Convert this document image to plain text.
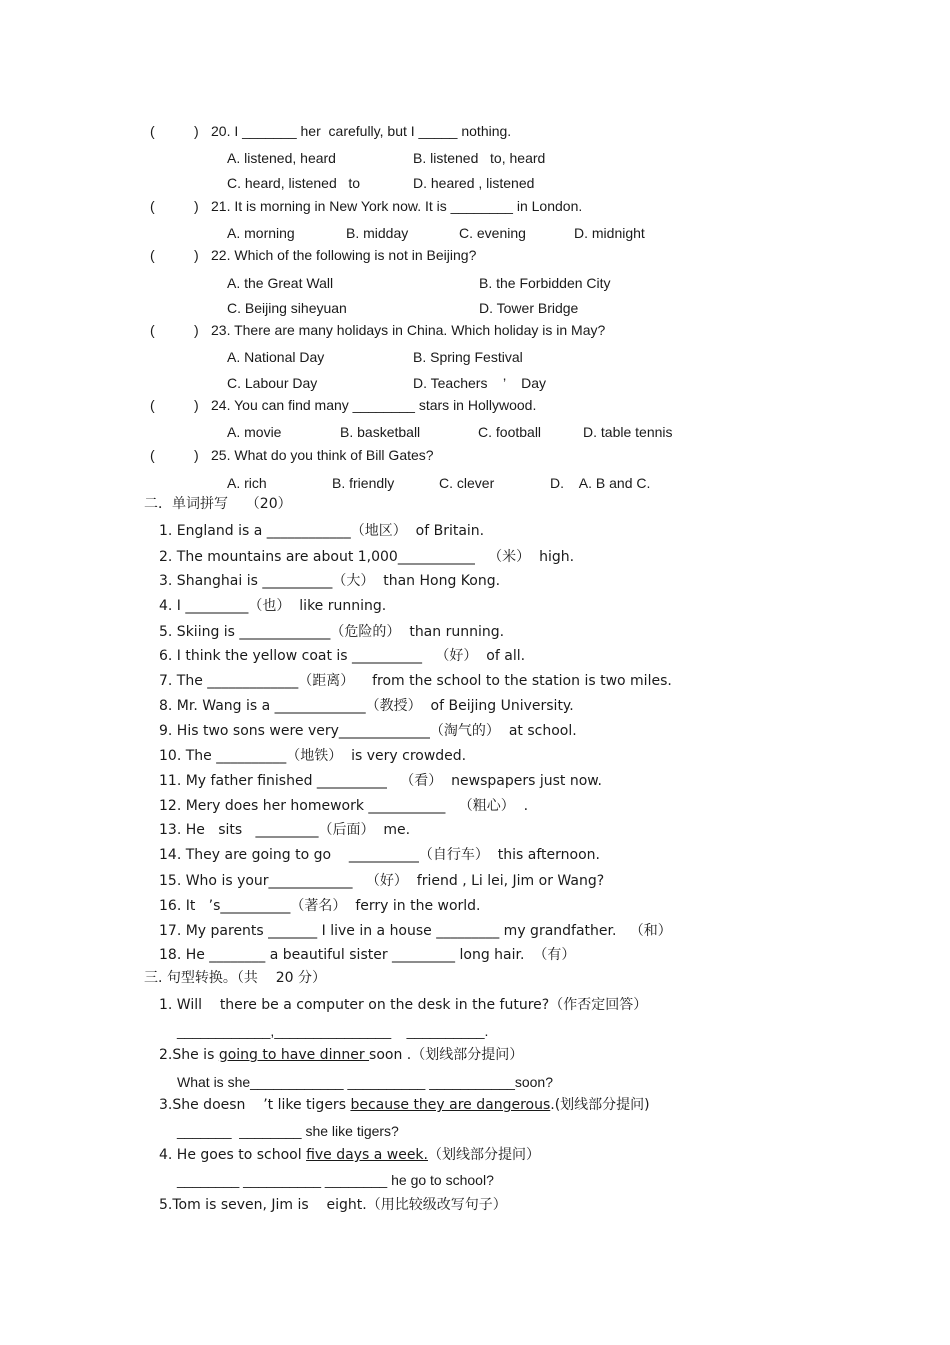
(	) 20. I _______ her  carefully, but I _____ nothing.
A. listened, heard	B. listened   to, heard
C. heard, listened   to	D. heared , listened
(	) 21. It is morning in New York now. It is ________ in London.
A. morning	B. midday	C. evening	D. midnight
(	) 22. Which of the following is not in Beijing?
A. the Great Wall	B. the Forbidden City
C. Beijing siheyuan	D. Tower Bridge
(	) 23. There are many holidays in China. Which holiday is in May?
A. National Day	B. Spring Festival
C. Labour Day	D. Teachers    ’    Day
(	) 24. You can find many ________ stars in Hollywood.
A. movie	B. basketball	C. football	D. table tennis
(	) 25. What do you think of Bill Gates?
A. rich	B. friendly	C. clever	D.    A. B and C.
二．单词拼写    （20）
1. England is a ____________（地区）  of Britain.
2. The mountains are about 1,000___________   （米）  high.
3. Shanghai is __________（大）  than Hong Kong.
4. I _________（也）  like running.
5. Skiing is _____________（危险的）  than running.
6. I think the yellow coat is __________   （好）  of all.
7. The _____________（距离）    from the school to the station is two miles.
8. Mr. Wang is a _____________（教授）  of Beijing University.
9. His two sons were very_____________（淘气的）  at school.
10. The __________（地铁）  is very crowded.
11. My father finished __________   （看）  newspapers just now.
12. Mery does her homework ___________   （粗心）  .
13. He   sits   _________（后面）  me.
14. They are going to go    __________（自行车）  this afternoon.
15. Who is your____________   （好）  friend , Li lei, Jim or Wang?
16. It   ’s__________（著名）  ferry in the world.
17. My parents _______ I live in a house _________ my grandfather.   （和）
18. He ________ a beautiful sister _________ long hair.  （有）
三. 句型转换。（共    20 分）
1. Will    there be a computer on the desk in the future?（作否定回答）
____________,_______________    __________.
2.She is going to have dinner soon .（划线部分提问）
What is she____________ __________ ___________soon?
3.She doesn    ’t like tigers because they are dangerous.(划线部分提问)
_______  ________ she like tigers?
4. He goes to school five days a week.（划线部分提问）
________ __________ ________ he go to school?
5.Tom is seven, Jim is    eight.（用比较级改写句子）
